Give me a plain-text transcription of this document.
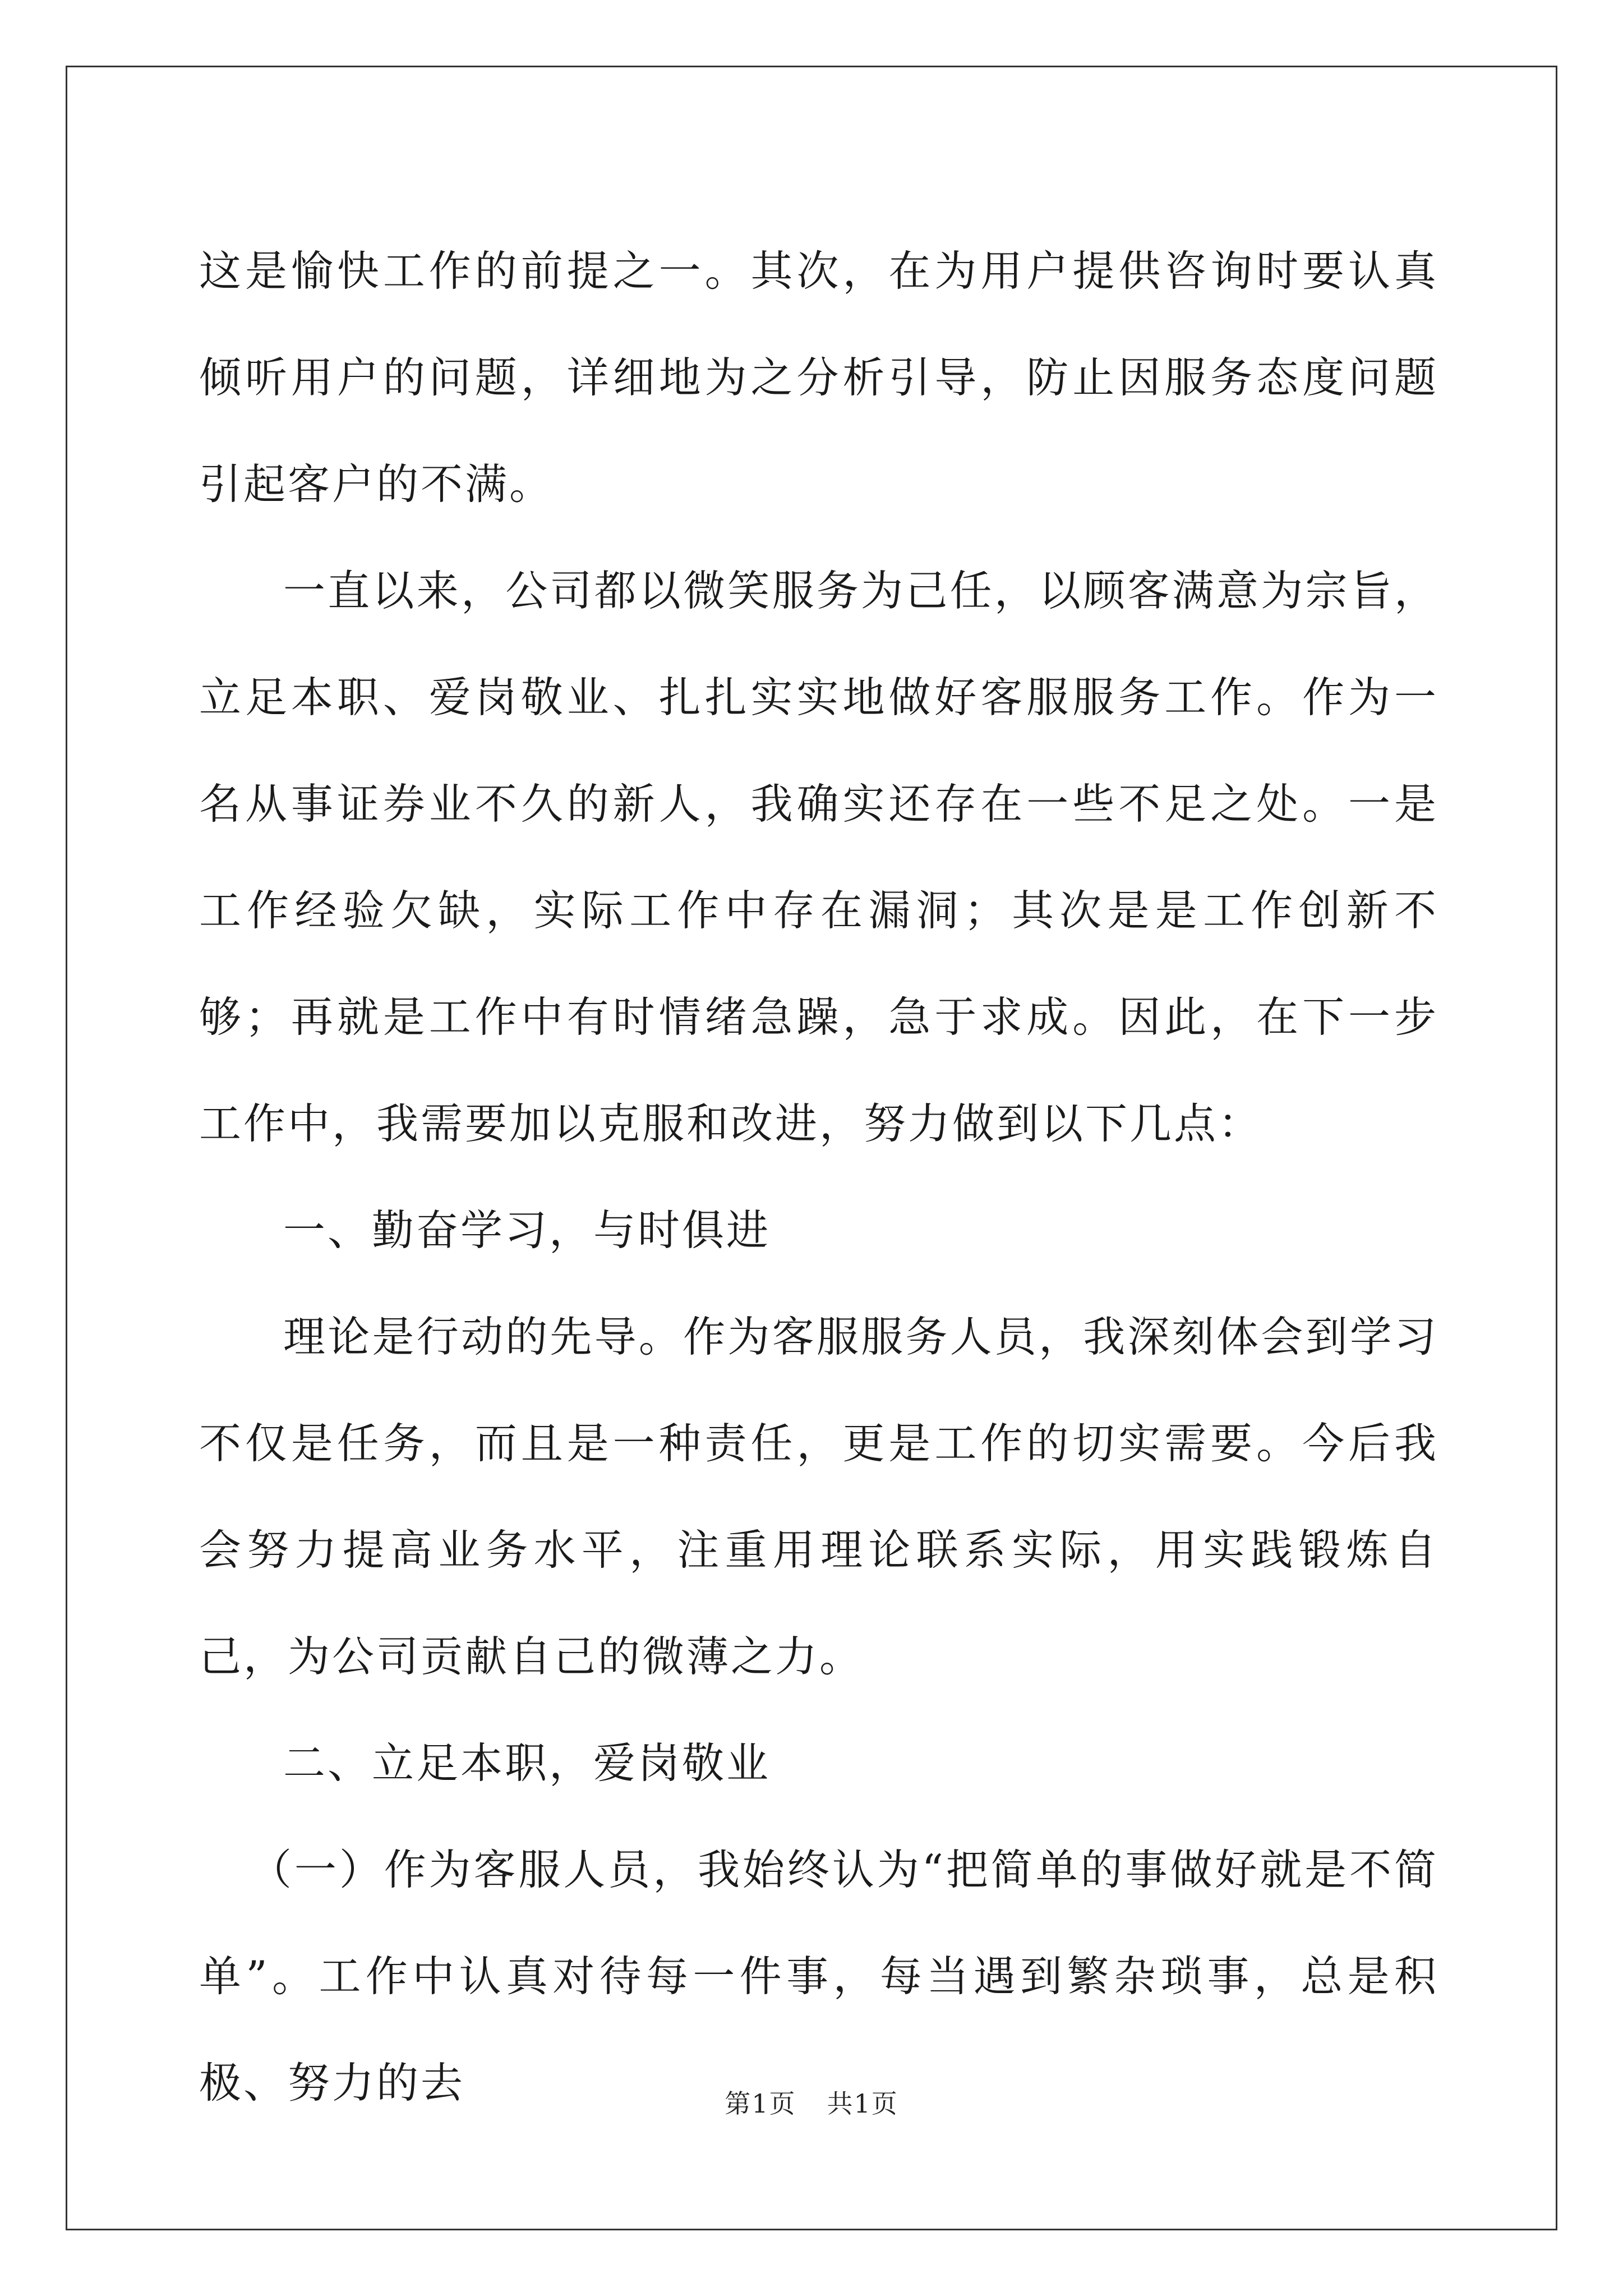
这是愉快工作的前提之一。其次，在为用户提供咨询时要认真倾听用户的问题，详细地为之分析引导，防止因服务态度问题引起客户的不满。

一直以来，公司都以微笑服务为己任，以顾客满意为宗旨，立足本职、爱岗敬业、扎扎实实地做好客服服务工作。作为一名从事证券业不久的新人，我确实还存在一些不足之处。一是工作经验欠缺，实际工作中存在漏洞；其次是是工作创新不够；再就是工作中有时情绪急躁，急于求成。因此，在下一步工作中，我需要加以克服和改进，努力做到以下几点：

一、勤奋学习，与时俱进

理论是行动的先导。作为客服服务人员，我深刻体会到学习不仅是任务，而且是一种责任，更是工作的切实需要。今后我会努力提高业务水平，注重用理论联系实际，用实践锻炼自己，为公司贡献自己的微薄之力。

二、立足本职，爱岗敬业

（一）作为客服人员，我始终认为“把简单的事做好就是不简单”。工作中认真对待每一件事，每当遇到繁杂琐事，总是积极、努力的去	第1页 共1页
